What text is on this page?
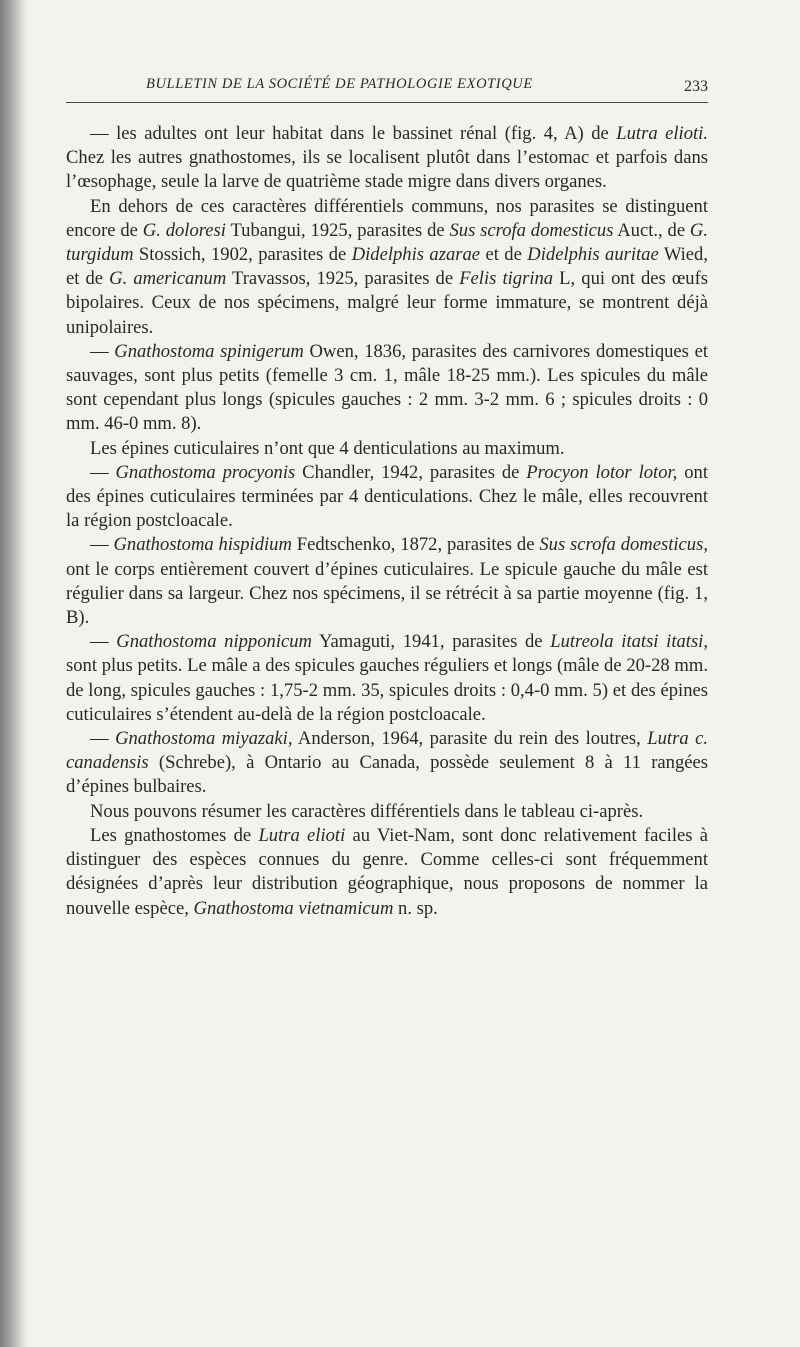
BULLETIN DE LA SOCIÉTÉ DE PATHOLOGIE EXOTIQUE	233

— les adultes ont leur habitat dans le bassinet rénal (fig. 4, A) de Lutra elioti. Chez les autres gnathostomes, ils se localisent plutôt dans l’estomac et parfois dans l’œsophage, seule la larve de quatrième stade migre dans divers organes.

En dehors de ces caractères différentiels communs, nos parasites se distinguent encore de G. doloresi Tubangui, 1925, parasites de Sus scrofa domesticus Auct., de G. turgidum Stossich, 1902, parasites de Didelphis azarae et de Didelphis auritae Wied, et de G. americanum Travassos, 1925, parasites de Felis tigrina L, qui ont des œufs bipolaires. Ceux de nos spécimens, malgré leur forme immature, se montrent déjà unipolaires.

— Gnathostoma spinigerum Owen, 1836, parasites des carnivores domestiques et sauvages, sont plus petits (femelle 3 cm. 1, mâle 18-25 mm.). Les spicules du mâle sont cependant plus longs (spicules gauches : 2 mm. 3-2 mm. 6 ; spicules droits : 0 mm. 46-0 mm. 8).

Les épines cuticulaires n’ont que 4 denticulations au maximum.

— Gnathostoma procyonis Chandler, 1942, parasites de Procyon lotor lotor, ont des épines cuticulaires terminées par 4 denticulations. Chez le mâle, elles recouvrent la région postcloacale.

— Gnathostoma hispidium Fedtschenko, 1872, parasites de Sus scrofa domesticus, ont le corps entièrement couvert d’épines cuticulaires. Le spicule gauche du mâle est régulier dans sa largeur. Chez nos spécimens, il se rétrécit à sa partie moyenne (fig. 1, B).

— Gnathostoma nipponicum Yamaguti, 1941, parasites de Lutreola itatsi itatsi, sont plus petits. Le mâle a des spicules gauches réguliers et longs (mâle de 20-28 mm. de long, spicules gauches : 1,75-2 mm. 35, spicules droits : 0,4-0 mm. 5) et des épines cuticulaires s’étendent au-delà de la région postcloacale.

— Gnathostoma miyazaki, Anderson, 1964, parasite du rein des loutres, Lutra c. canadensis (Schrebe), à Ontario au Canada, possède seulement 8 à 11 rangées d’épines bulbaires.

Nous pouvons résumer les caractères différentiels dans le tableau ci-après.

Les gnathostomes de Lutra elioti au Viet-Nam, sont donc relativement faciles à distinguer des espèces connues du genre. Comme celles-ci sont fréquemment désignées d’après leur distribution géographique, nous proposons de nommer la nouvelle espèce, Gnathostoma vietnamicum n. sp.
